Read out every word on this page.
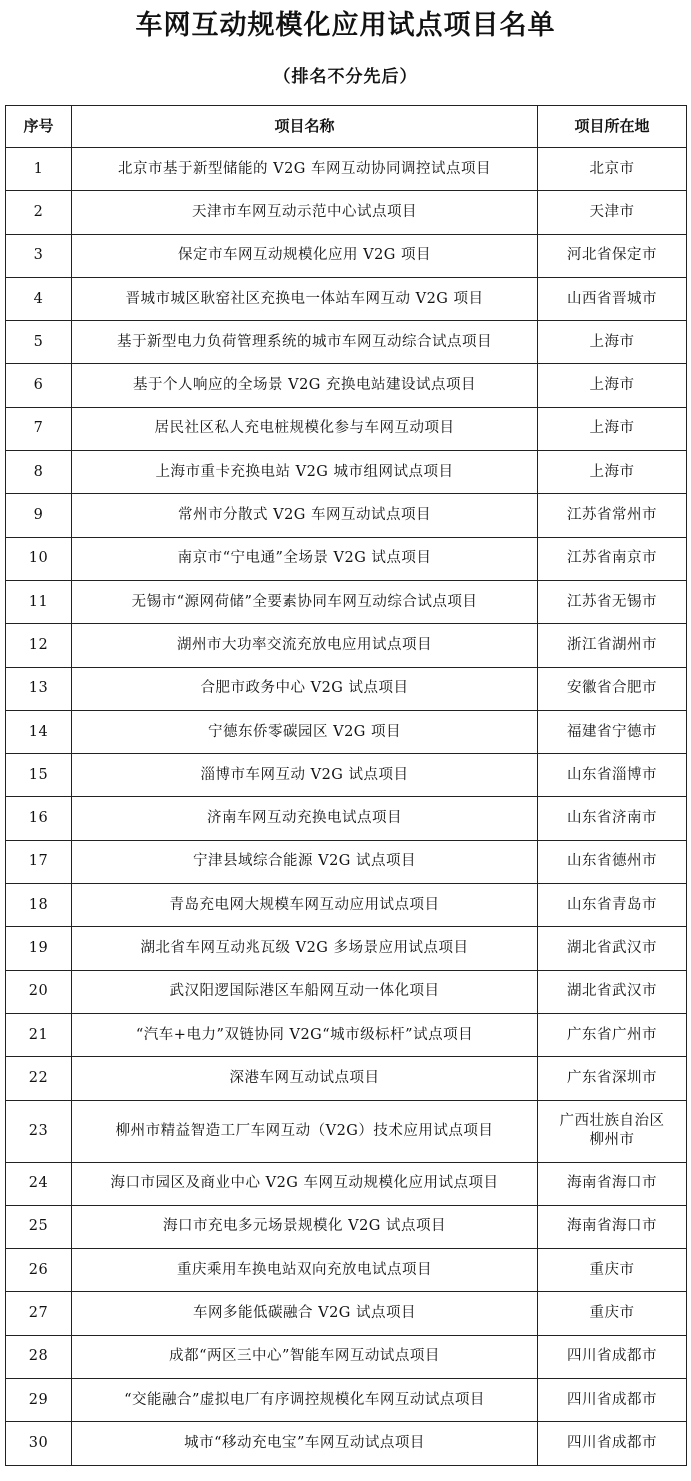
车网互动规模化应用试点项目名单
（排名不分先后）
序号	项目名称	项目所在地
1	北京市基于新型储能的 V2G 车网互动协同调控试点项目	北京市
2	天津市车网互动示范中心试点项目	天津市
3	保定市车网互动规模化应用 V2G 项目	河北省保定市
4	晋城市城区耿窑社区充换电一体站车网互动 V2G 项目	山西省晋城市
5	基于新型电力负荷管理系统的城市车网互动综合试点项目	上海市
6	基于个人响应的全场景 V2G 充换电站建设试点项目	上海市
7	居民社区私人充电桩规模化参与车网互动项目	上海市
8	上海市重卡充换电站 V2G 城市组网试点项目	上海市
9	常州市分散式 V2G 车网互动试点项目	江苏省常州市
10	南京市“宁电通”全场景 V2G 试点项目	江苏省南京市
11	无锡市“源网荷储”全要素协同车网互动综合试点项目	江苏省无锡市
12	湖州市大功率交流充放电应用试点项目	浙江省湖州市
13	合肥市政务中心 V2G 试点项目	安徽省合肥市
14	宁德东侨零碳园区 V2G 项目	福建省宁德市
15	淄博市车网互动 V2G 试点项目	山东省淄博市
16	济南车网互动充换电试点项目	山东省济南市
17	宁津县域综合能源 V2G 试点项目	山东省德州市
18	青岛充电网大规模车网互动应用试点项目	山东省青岛市
19	湖北省车网互动兆瓦级 V2G 多场景应用试点项目	湖北省武汉市
20	武汉阳逻国际港区车船网互动一体化项目	湖北省武汉市
21	“汽车+电力”双链协同 V2G“城市级标杆”试点项目	广东省广州市
22	深港车网互动试点项目	广东省深圳市
23	柳州市精益智造工厂车网互动（V2G）技术应用试点项目	广西壮族自治区
柳州市

24	海口市园区及商业中心 V2G 车网互动规模化应用试点项目	海南省海口市
25	海口市充电多元场景规模化 V2G 试点项目	海南省海口市
26	重庆乘用车换电站双向充放电试点项目	重庆市
27	车网多能低碳融合 V2G 试点项目	重庆市
28	成都“两区三中心”智能车网互动试点项目	四川省成都市
29	“交能融合”虚拟电厂有序调控规模化车网互动试点项目	四川省成都市
30	城市“移动充电宝”车网互动试点项目	四川省成都市
